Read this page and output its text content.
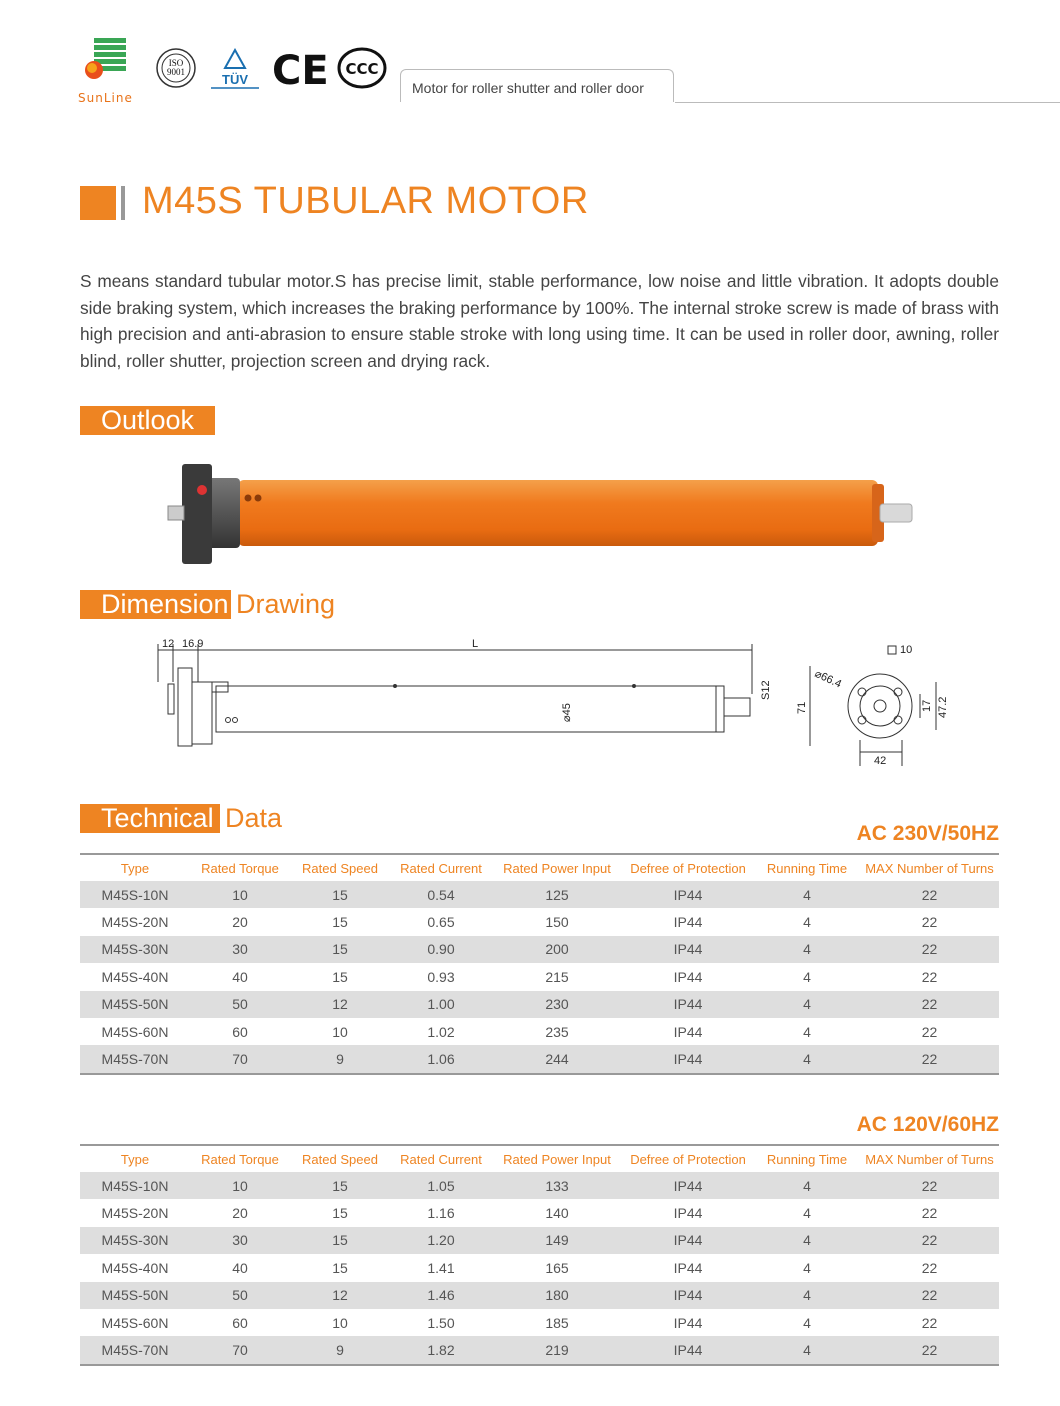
SunLine
ISO
9001	TÜV CE CCC
Motor for roller shutter and roller door
M45S TUBULAR MOTOR
S means standard tubular motor.S has precise limit, stable performance, low noise and little vibration. It adopts double side braking system, which increases the braking performance by 100%. The internal stroke screw is made of brass with high precision and anti-abrasion to ensure stable stroke with long using time. It can be used in roller door, awning, roller blind, roller shutter, projection screen and drying rack.
Outlook
Dimension Drawing
12 16.9	L
⌀45
S12
71
10
⌀66.4
17 47.2
42
Technical Data
AC 230V/50HZ
Type	Rated Torque	Rated Speed	Rated Current	Rated Power Input	Defree of Protection	Running Time	MAX Number of Turns
M45S-10N	10	15	0.54	125	IP44	4	22
M45S-20N	20	15	0.65	150	IP44	4	22
M45S-30N	30	15	0.90	200	IP44	4	22
M45S-40N	40	15	0.93	215	IP44	4	22
M45S-50N	50	12	1.00	230	IP44	4	22
M45S-60N	60	10	1.02	235	IP44	4	22
M45S-70N	70	9	1.06	244	IP44	4	22
AC 120V/60HZ
Type	Rated Torque	Rated Speed	Rated Current	Rated Power Input	Defree of Protection	Running Time	MAX Number of Turns
M45S-10N	10	15	1.05	133	IP44	4	22
M45S-20N	20	15	1.16	140	IP44	4	22
M45S-30N	30	15	1.20	149	IP44	4	22
M45S-40N	40	15	1.41	165	IP44	4	22
M45S-50N	50	12	1.46	180	IP44	4	22
M45S-60N	60	10	1.50	185	IP44	4	22
M45S-70N	70	9	1.82	219	IP44	4	22
